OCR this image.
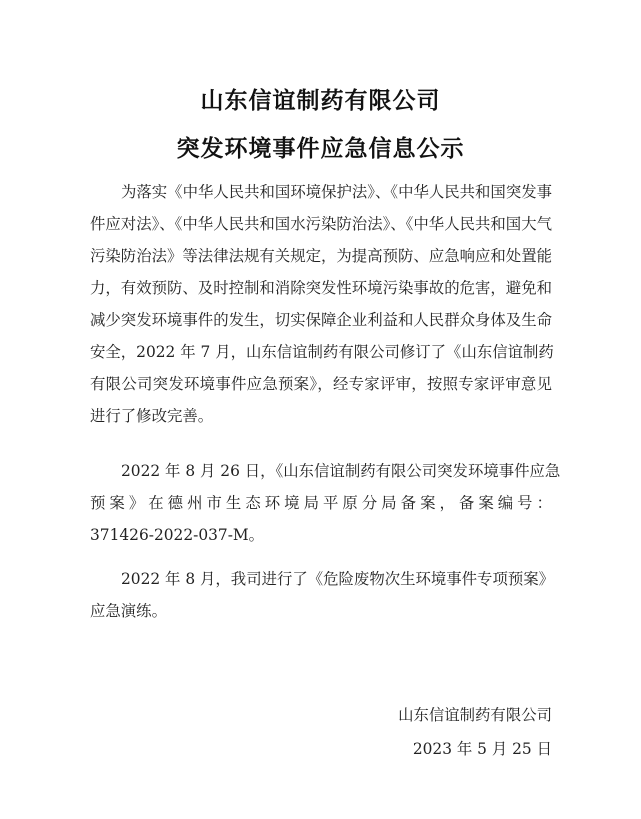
山东信谊制药有限公司
突发环境事件应急信息公示
为落实《中华人民共和国环境保护法》、《中华人民共和国突发事
件应对法》、《中华人民共和国水污染防治法》、《中华人民共和国大气
污染防治法》等法律法规有关规定，为提高预防、应急响应和处置能
力，有效预防、及时控制和消除突发性环境污染事故的危害，避免和
减少突发环境事件的发生，切实保障企业利益和人民群众身体及生命
安全，2022 年 7 月，山东信谊制药有限公司修订了《山东信谊制药
有限公司突发环境事件应急预案》，经专家评审，按照专家评审意见
进行了修改完善。
2022 年 8 月 26 日，《山东信谊制药有限公司突发环境事件应急
预案》在德州市生态环境局平原分局备案，备案编号：
371426-2022-037-M。
2022 年 8 月，我司进行了《危险废物次生环境事件专项预案》
应急演练。
山东信谊制药有限公司
2023 年 5 月 25 日
